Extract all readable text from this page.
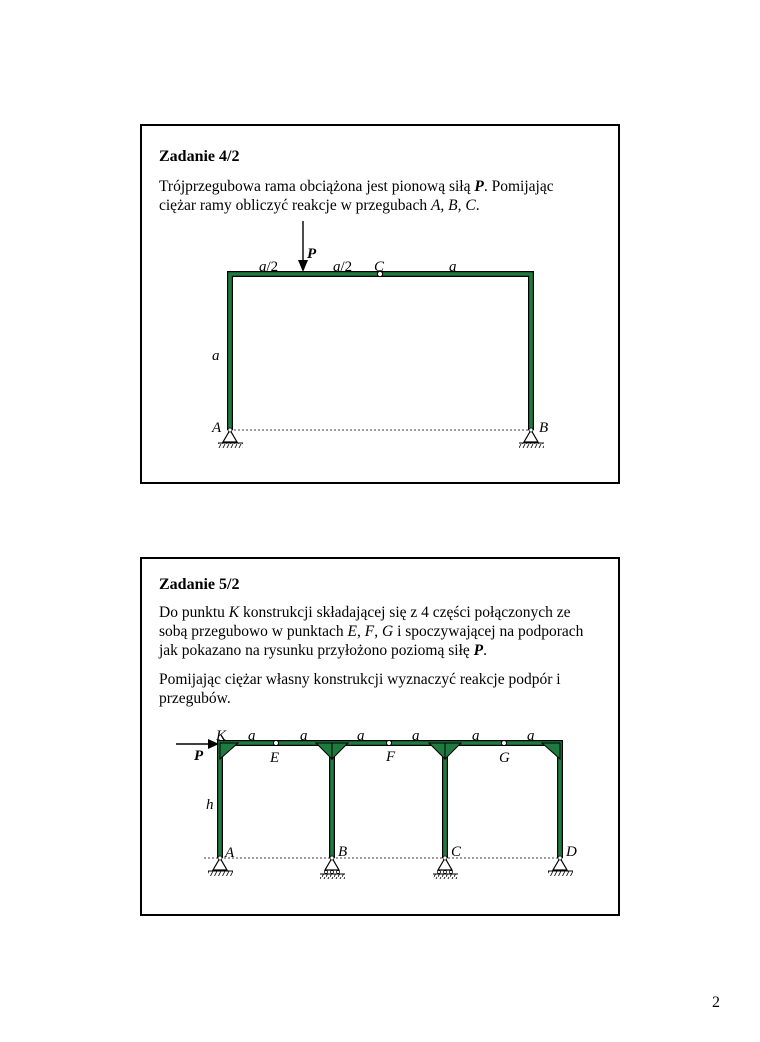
Zadanie 4/2
Trójprzegubowa rama obciążona jest pionową siłą P. Pomijając
ciężar ramy obliczyć reakcje w przegubach A, B, C.
P
a/2	a/2 C	a
a
A	B
Zadanie 5/2
Do punktu K konstrukcji składającej się z 4 części połączonych ze
sobą przegubowo w punktach E, F, G i spoczywającej na podporach
jak pokazano na rysunku przyłożono poziomą siłę P.
Pomijając ciężar własny konstrukcji wyznaczyć reakcje podpór i
przegubów.
K
P
a	a	a	a	a	a
E	F	G
h
A	B	C	D
2
